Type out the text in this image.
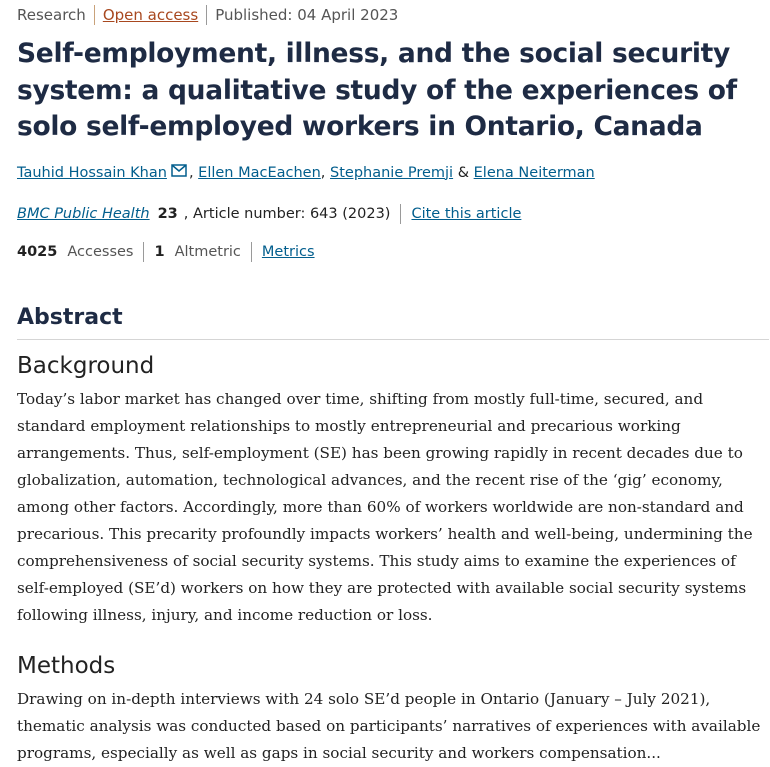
Research Open access Published: 04 April 2023
Self-employment, illness, and the social security system: a qualitative study of the experiences of solo self-employed workers in Ontario, Canada
Tauhid Hossain Khan , Ellen MacEachen, Stephanie Premji & Elena Neiterman
BMC Public Health 23 , Article number: 643 (2023) Cite this article
4025 Accesses 1 Altmetric Metrics
Abstract
Background

Today’s labor market has changed over time, shifting from mostly full-time, secured, and standard employment relationships to mostly entrepreneurial and precarious working arrangements. Thus, self-employment (SE) has been growing rapidly in recent decades due to globalization, automation, technological advances, and the recent rise of the ‘gig’ economy, among other factors. Accordingly, more than 60% of workers worldwide are non-standard and precarious. This precarity profoundly impacts workers’ health and well-being, undermining the comprehensiveness of social security systems. This study aims to examine the experiences of self-employed (SE’d) workers on how they are protected with available social security systems following illness, injury, and income reduction or loss.

Methods

Drawing on in-depth interviews with 24 solo SE’d people in Ontario (January – July 2021), thematic analysis was conducted based on participants’ narratives of experiences with available programs, especially as well as gaps in social security and workers compensation...
